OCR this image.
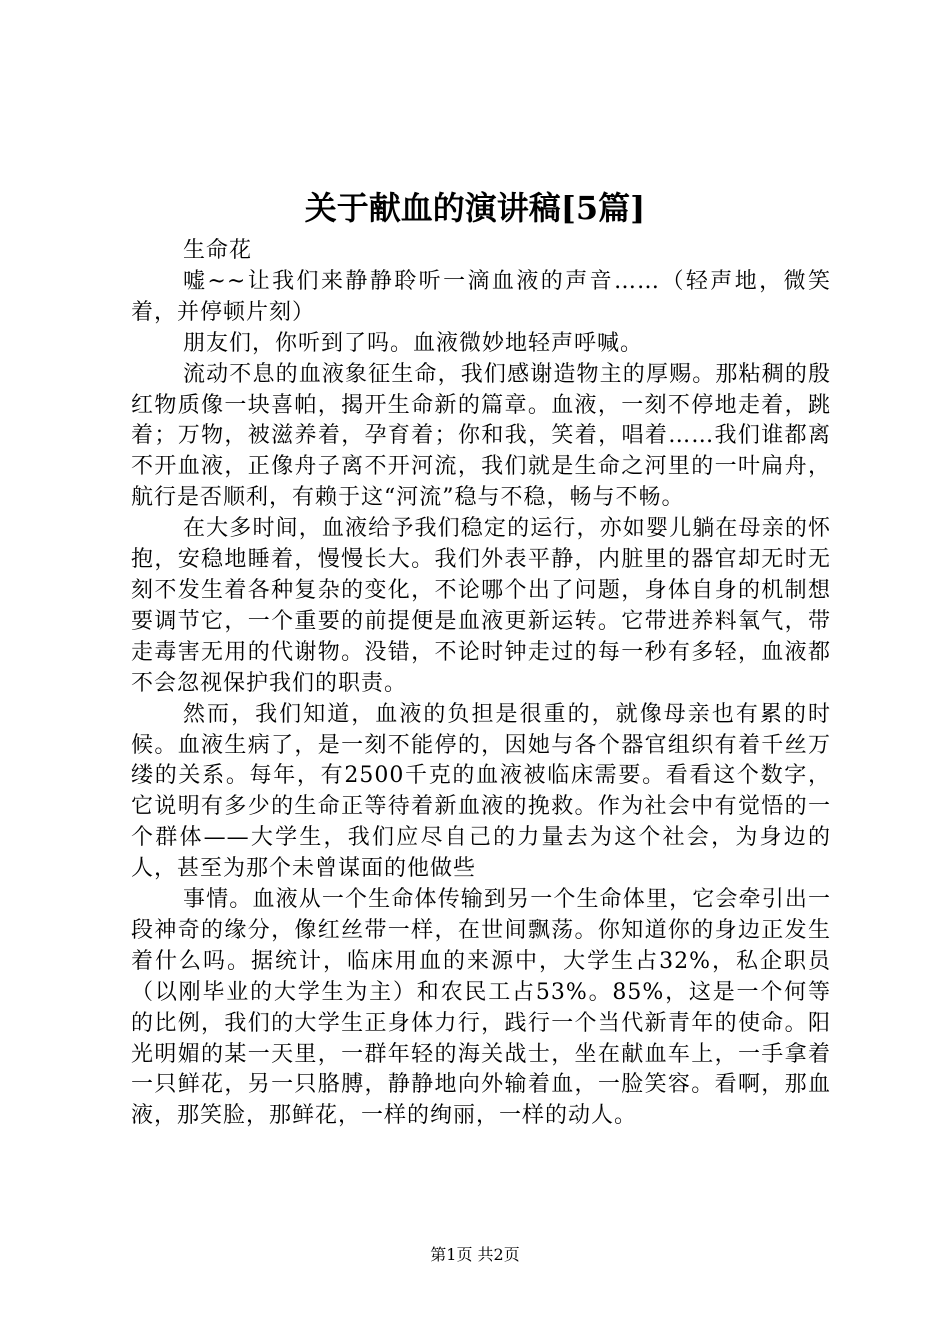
关于献血的演讲稿[5篇]

生命花

嘘~~让我们来静静聆听一滴血液的声音……（轻声地，微笑着，并停顿片刻）

朋友们，你听到了吗。血液微妙地轻声呼喊。

流动不息的血液象征生命，我们感谢造物主的厚赐。那粘稠的殷红物质像一块喜帕，揭开生命新的篇章。血液，一刻不停地走着，跳着；万物，被滋养着，孕育着；你和我，笑着，唱着……我们谁都离不开血液，正像舟子离不开河流，我们就是生命之河里的一叶扁舟，航行是否顺利，有赖于这“河流”稳与不稳，畅与不畅。

在大多时间，血液给予我们稳定的运行，亦如婴儿躺在母亲的怀抱，安稳地睡着，慢慢长大。我们外表平静，内脏里的器官却无时无刻不发生着各种复杂的变化，不论哪个出了问题，身体自身的机制想要调节它，一个重要的前提便是血液更新运转。它带进养料氧气，带走毒害无用的代谢物。没错，不论时钟走过的每一秒有多轻，血液都不会忽视保护我们的职责。

然而，我们知道，血液的负担是很重的，就像母亲也有累的时候。血液生病了，是一刻不能停的，因她与各个器官组织有着千丝万缕的关系。每年，有2500千克的血液被临床需要。看看这个数字，它说明有多少的生命正等待着新血液的挽救。作为社会中有觉悟的一个群体——大学生，我们应尽自己的力量去为这个社会，为身边的人，甚至为那个未曾谋面的他做些

事情。血液从一个生命体传输到另一个生命体里，它会牵引出一段神奇的缘分，像红丝带一样，在世间飘荡。你知道你的身边正发生着什么吗。据统计，临床用血的来源中，大学生占32%，私企职员（以刚毕业的大学生为主）和农民工占53%。85%，这是一个何等的比例，我们的大学生正身体力行，践行一个当代新青年的使命。阳光明媚的某一天里，一群年轻的海关战士，坐在献血车上，一手拿着一只鲜花，另一只胳膊，静静地向外输着血，一脸笑容。看啊，那血液，那笑脸，那鲜花，一样的绚丽，一样的动人。

第1页 共2页
